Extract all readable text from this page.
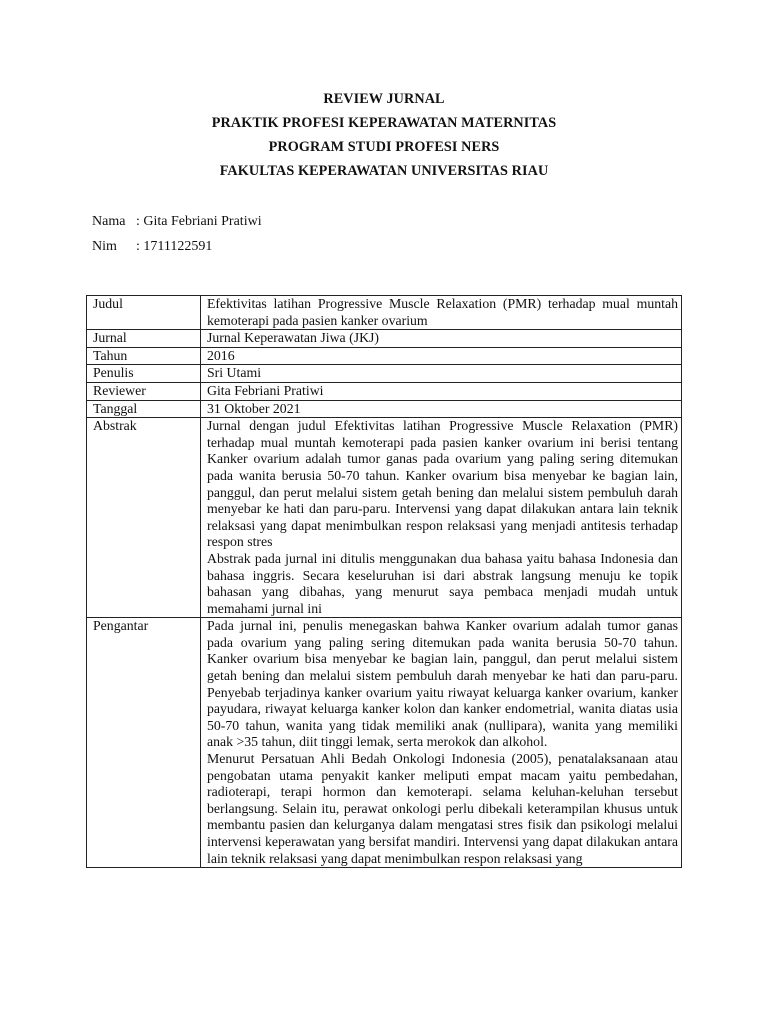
REVIEW JURNAL
PRAKTIK PROFESI KEPERAWATAN MATERNITAS
PROGRAM STUDI PROFESI NERS
FAKULTAS KEPERAWATAN UNIVERSITAS RIAU
Nama : Gita Febriani Pratiwi
Nim	: 1711122591
Judul	Efektivitas latihan Progressive Muscle Relaxation (PMR) terhadap mual muntah kemoterapi pada pasien kanker ovarium
Jurnal	Jurnal Keperawatan Jiwa (JKJ)
Tahun	2016
Penulis	Sri Utami
Reviewer	Gita Febriani Pratiwi
Tanggal	31 Oktober 2021
Abstrak	Jurnal dengan judul Efektivitas latihan Progressive Muscle Relaxation (PMR) terhadap mual muntah kemoterapi pada pasien kanker ovarium ini berisi tentang Kanker ovarium adalah tumor ganas pada ovarium yang paling sering ditemukan pada wanita berusia 50-70 tahun. Kanker ovarium bisa menyebar ke bagian lain, panggul, dan perut melalui sistem getah bening dan melalui sistem pembuluh darah menyebar ke hati dan paru-paru. Intervensi yang dapat dilakukan antara lain teknik relaksasi yang dapat menimbulkan respon relaksasi yang menjadi antitesis terhadap respon stres

Abstrak pada jurnal ini ditulis menggunakan dua bahasa yaitu bahasa Indonesia dan bahasa inggris. Secara keseluruhan isi dari abstrak langsung menuju ke topik bahasan yang dibahas, yang menurut saya pembaca menjadi mudah untuk memahami jurnal ini

Pengantar	Pada jurnal ini, penulis menegaskan bahwa Kanker ovarium adalah tumor ganas pada ovarium yang paling sering ditemukan pada wanita berusia 50-70 tahun. Kanker ovarium bisa menyebar ke bagian lain, panggul, dan perut melalui sistem getah bening dan melalui sistem pembuluh darah menyebar ke hati dan paru-paru. Penyebab terjadinya kanker ovarium yaitu riwayat keluarga kanker ovarium, kanker payudara, riwayat keluarga kanker kolon dan kanker endometrial, wanita diatas usia 50-70 tahun, wanita yang tidak memiliki anak (nullipara), wanita yang memiliki anak >35 tahun, diit tinggi lemak, serta merokok dan alkohol.

Menurut Persatuan Ahli Bedah Onkologi Indonesia (2005), penatalaksanaan atau pengobatan utama penyakit kanker meliputi empat macam yaitu pembedahan, radioterapi, terapi hormon dan kemoterapi. selama keluhan-keluhan tersebut berlangsung. Selain itu, perawat onkologi perlu dibekali keterampilan khusus untuk membantu pasien dan kelurganya dalam mengatasi stres fisik dan psikologi melalui intervensi keperawatan yang bersifat mandiri. Intervensi yang dapat dilakukan antara lain teknik relaksasi yang dapat menimbulkan respon relaksasi yang
